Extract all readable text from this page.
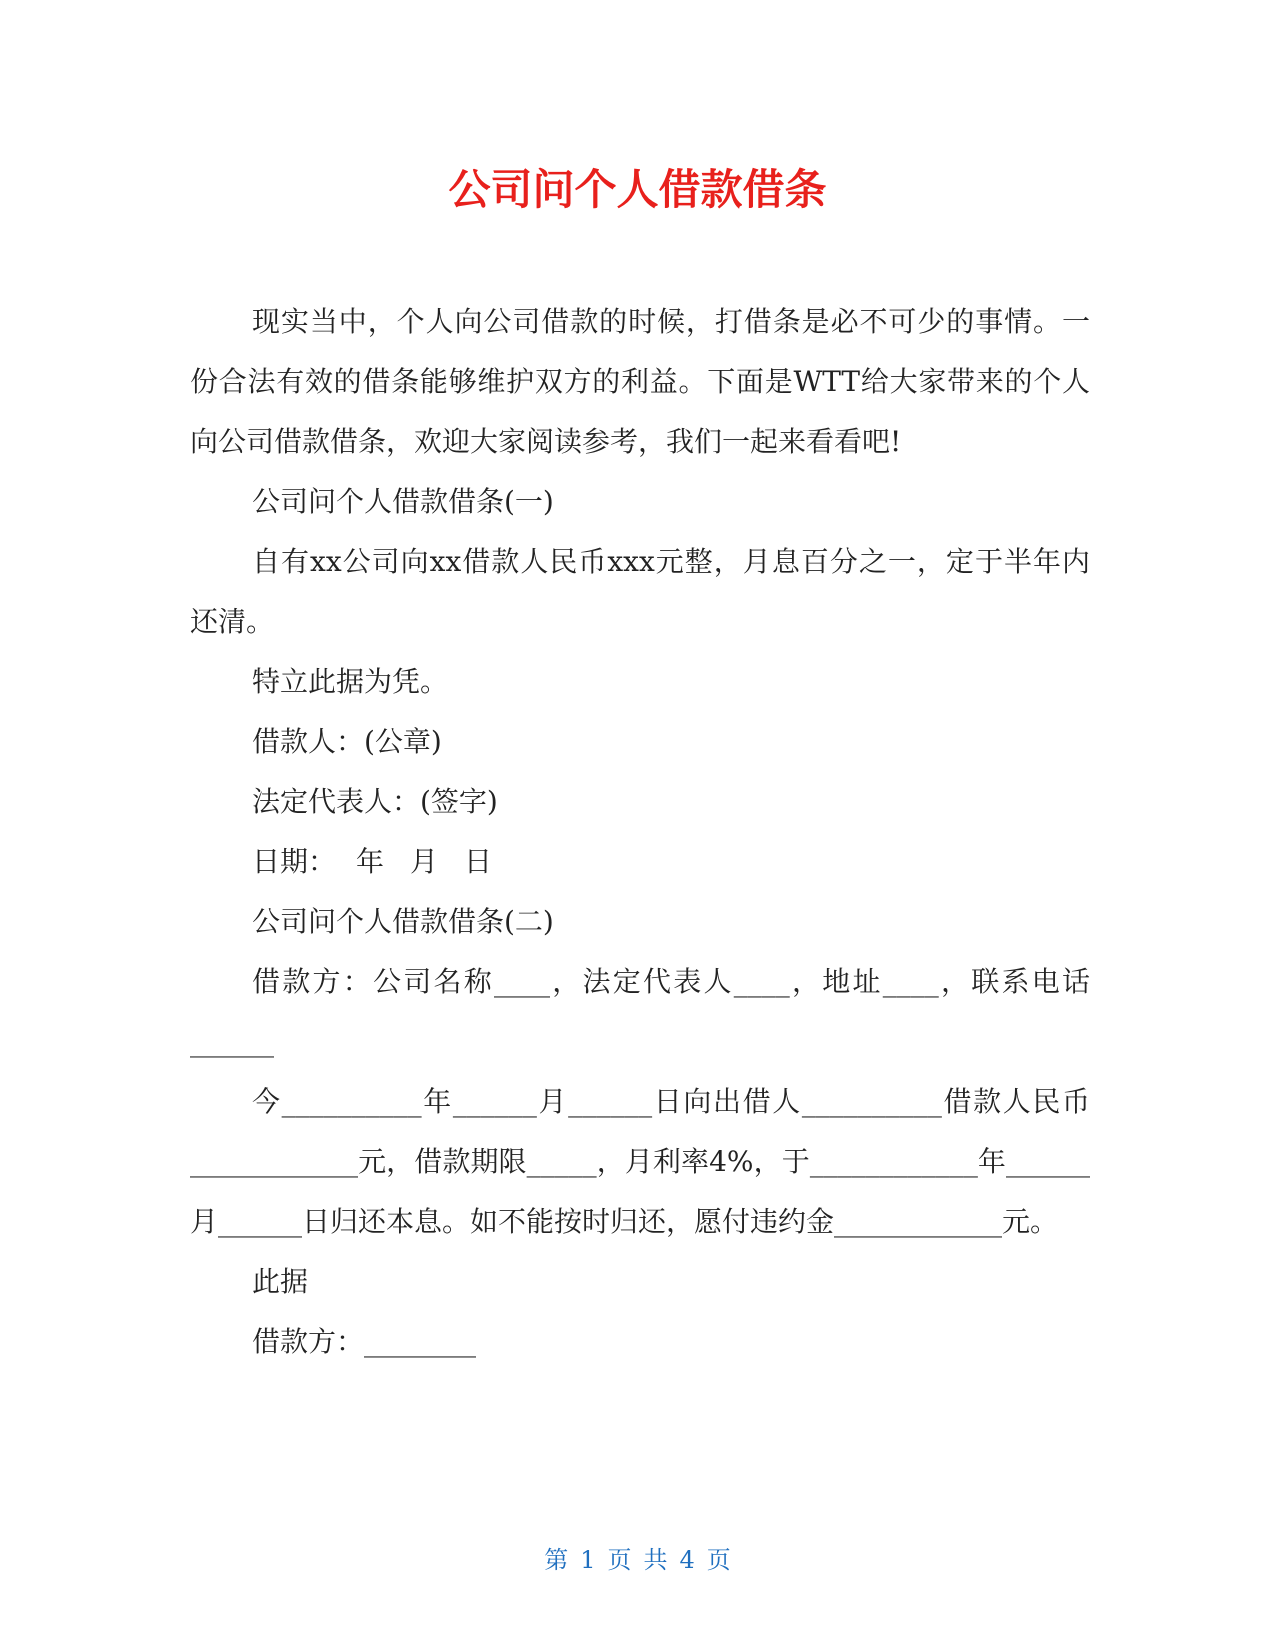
公司问个人借款借条

现实当中，个人向公司借款的时候，打借条是必不可少的事情。一份合法有效的借条能够维护双方的利益。下面是WTT给大家带来的个人向公司借款借条，欢迎大家阅读参考，我们一起来看看吧!

公司问个人借款借条(一)

自有xx公司向xx借款人民币xxx元整，月息百分之一，定于半年内还清。

特立此据为凭。

借款人：(公章)

法定代表人：(签字)

日期： 年 月 日

公司问个人借款借条(二)

借款方：公司名称____，法定代表人____，地址____，联系电话______

今__________年______月______日向出借人__________借款人民币____________元，借款期限_____，月利率4%，于____________年______月______日归还本息。如不能按时归还，愿付违约金____________元。

此据

借款方：________

第 1 页 共 4 页
